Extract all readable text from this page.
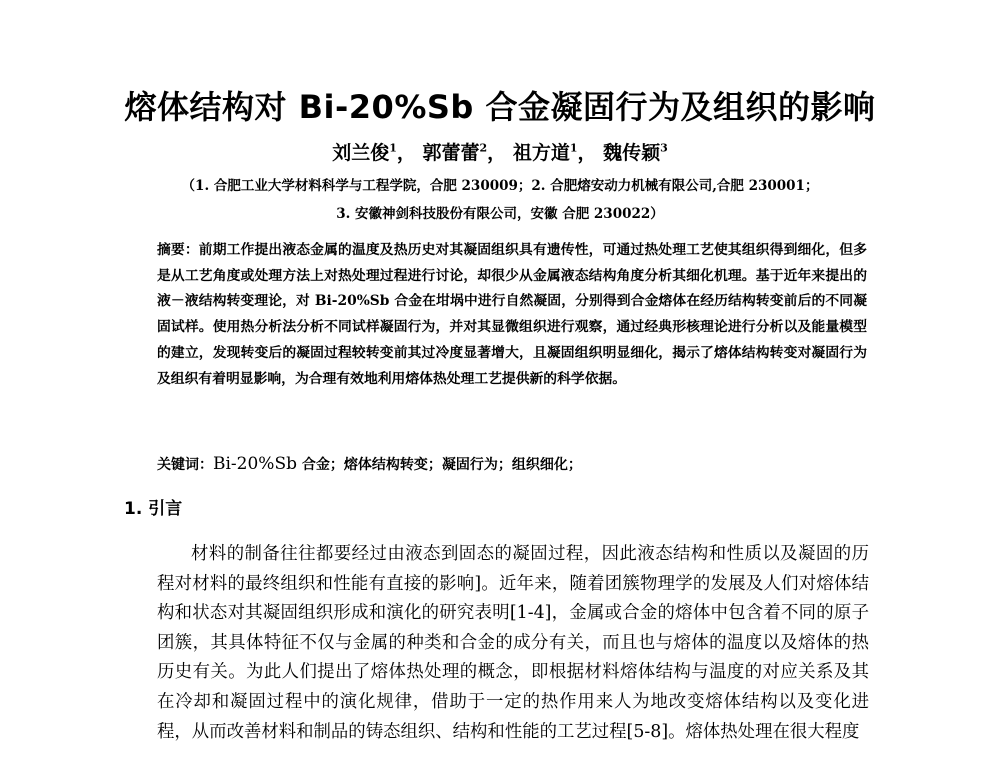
熔体结构对 Bi-20%Sb 合金凝固行为及组织的影响
刘兰俊$^1$， 郭蕾蕾$^2$， 祖方道$^1$， 魏传颖$^3$
（1. 合肥工业大学材料科学与工程学院，合肥 230009；2. 合肥熔安动力机械有限公司,合肥 230001；
3. 安徽神剑科技股份有限公司，安徽 合肥 230022）
摘要：前期工作提出液态金属的温度及热历史对其凝固组织具有遗传性，可通过热处理工艺使其组织得到细化，但多是从工艺角度或处理方法上对热处理过程进行讨论，却很少从金属液态结构角度分析其细化机理。基于近年来提出的液－液结构转变理论，对 Bi-20%Sb 合金在坩埚中进行自然凝固，分别得到合金熔体在经历结构转变前后的不同凝固试样。使用热分析法分析不同试样凝固行为，并对其显微组织进行观察，通过经典形核理论进行分析以及能量模型的建立，发现转变后的凝固过程较转变前其过冷度显著增大，且凝固组织明显细化，揭示了熔体结构转变对凝固行为及组织有着明显影响，为合理有效地利用熔体热处理工艺提供新的科学依据。
关键词：Bi-20%Sb 合金；熔体结构转变；凝固行为；组织细化；
1. 引言
材料的制备往往都要经过由液态到固态的凝固过程，因此液态结构和性质以及凝固的历程对材料的最终组织和性能有直接的影响]。近年来，随着团簇物理学的发展及人们对熔体结构和状态对其凝固组织形成和演化的研究表明[1-4]，金属或合金的熔体中包含着不同的原子团簇，其具体特征不仅与金属的种类和合金的成分有关，而且也与熔体的温度以及熔体的热历史有关。为此人们提出了熔体热处理的概念，即根据材料熔体结构与温度的对应关系及其在冷却和凝固过程中的演化规律，借助于一定的热作用来人为地改变熔体结构以及变化进程，从而改善材料和制品的铸态组织、结构和性能的工艺过程[5-8]。熔体热处理在很大程度
